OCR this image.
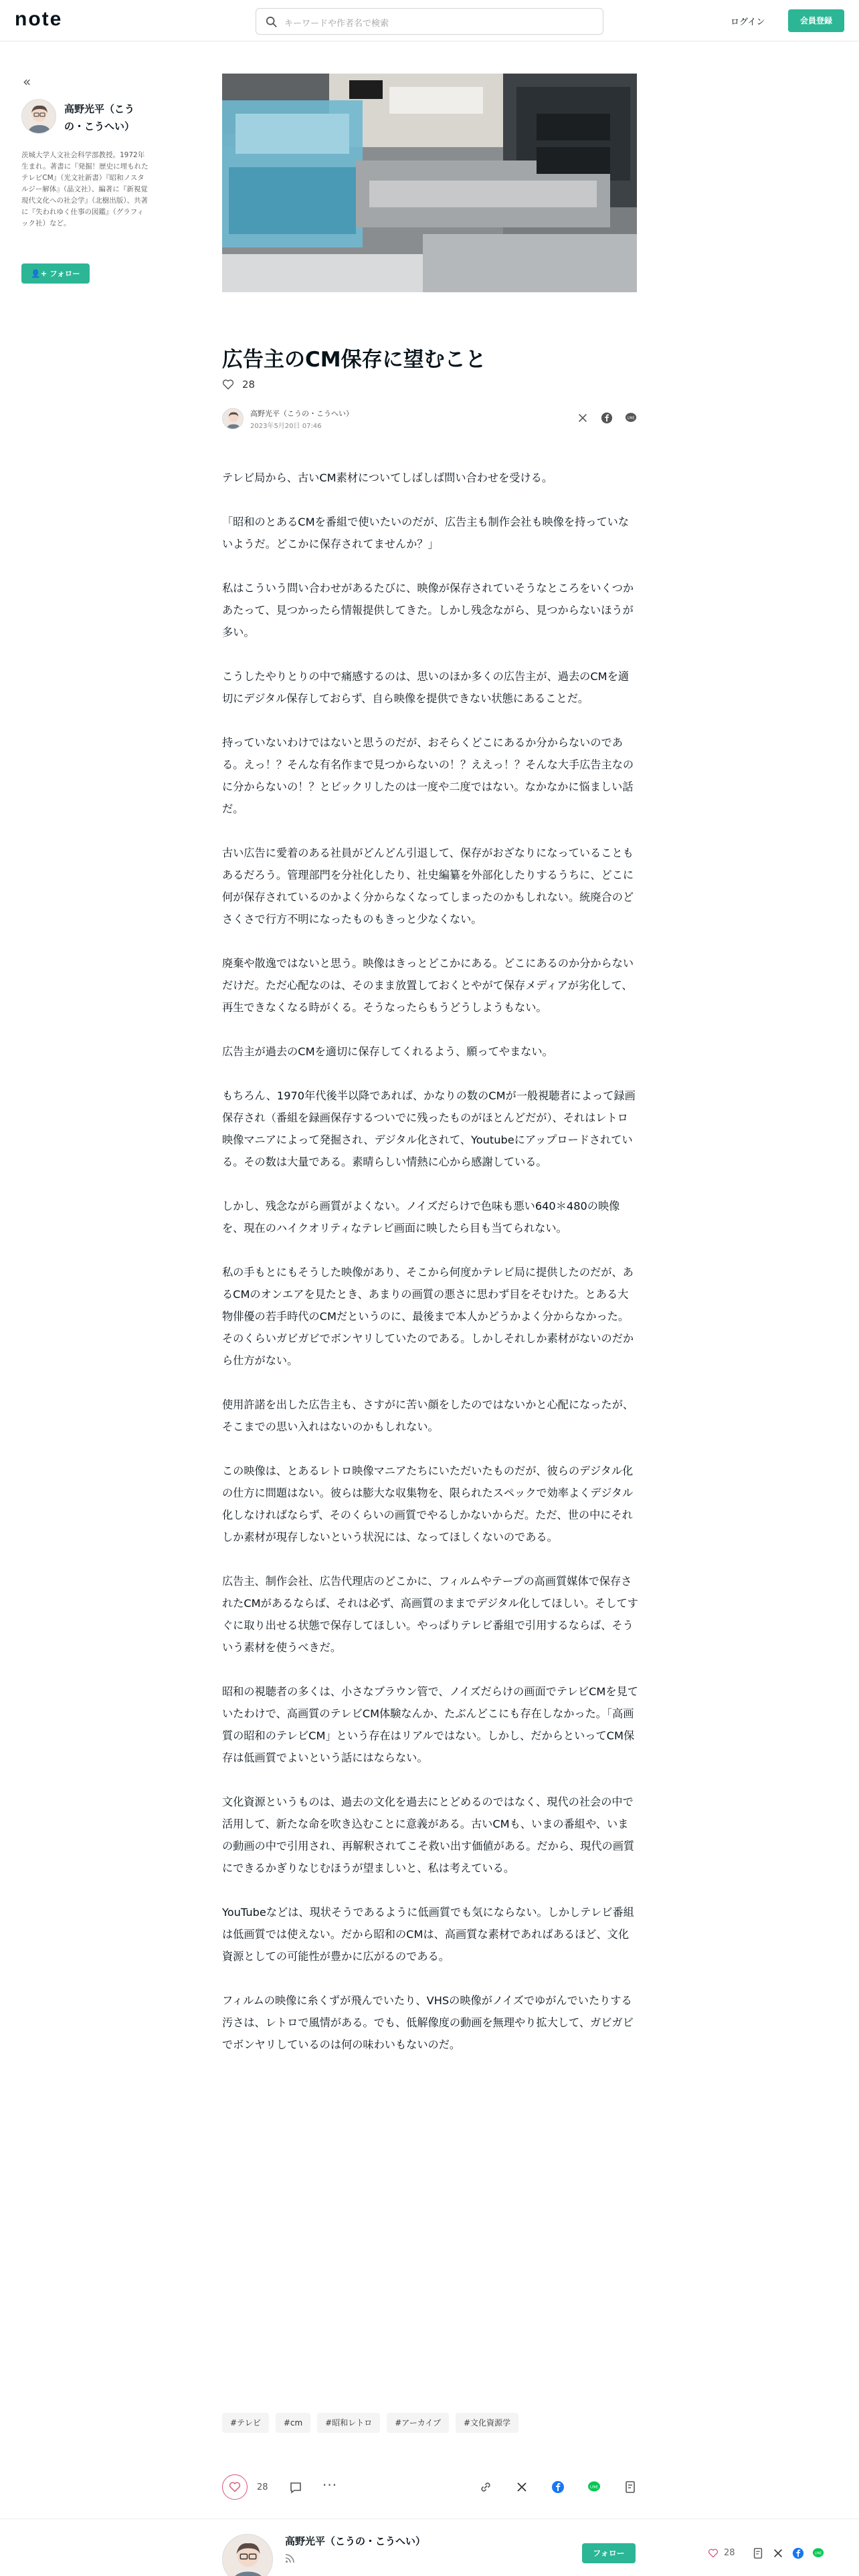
note	キーワードや作者名で検索	ログイン	会員登録
«
高野光平（こうの・こうへい）
茨城大学人文社会科学部教授。1972年生まれ。著書に『発掘！歴史に埋もれたテレビCM』（光文社新書）『昭和ノスタルジー解体』（晶文社）、編著に『新視覚 現代文化への社会学』（北樹出版）、共著に『失われゆく仕事の図鑑』（グラフィック社）など。
👤+ フォロー
広告主のCM保存に望むこと
28
高野光平（こうの・こうへい）
2023年5月20日 07:46
LINE

テレビ局から、古いCM素材についてしばしば問い合わせを受ける。

「昭和のとあるCMを番組で使いたいのだが、広告主も制作会社も映像を持っていないようだ。どこかに保存されてませんか？」

私はこういう問い合わせがあるたびに、映像が保存されていそうなところをいくつかあたって、見つかったら情報提供してきた。しかし残念ながら、見つからないほうが多い。

こうしたやりとりの中で痛感するのは、思いのほか多くの広告主が、過去のCMを適切にデジタル保存しておらず、自ら映像を提供できない状態にあることだ。

持っていないわけではないと思うのだが、おそらくどこにあるか分からないのである。えっ！？そんな有名作まで見つからないの！？ええっ！？そんな大手広告主なのに分からないの！？とビックリしたのは一度や二度ではない。なかなかに悩ましい話だ。

古い広告に愛着のある社員がどんどん引退して、保存がおざなりになっていることもあるだろう。管理部門を分社化したり、社史編纂を外部化したりするうちに、どこに何が保存されているのかよく分からなくなってしまったのかもしれない。統廃合のどさくさで行方不明になったものもきっと少なくない。

廃棄や散逸ではないと思う。映像はきっとどこかにある。どこにあるのか分からないだけだ。ただ心配なのは、そのまま放置しておくとやがて保存メディアが劣化して、再生できなくなる時がくる。そうなったらもうどうしようもない。

広告主が過去のCMを適切に保存してくれるよう、願ってやまない。

もちろん、1970年代後半以降であれば、かなりの数のCMが一般視聴者によって録画保存され（番組を録画保存するついでに残ったものがほとんどだが）、それはレトロ映像マニアによって発掘され、デジタル化されて、Youtubeにアップロードされている。その数は大量である。素晴らしい情熱に心から感謝している。

しかし、残念ながら画質がよくない。ノイズだらけで色味も悪い640＊480の映像を、現在のハイクオリティなテレビ画面に映したら目も当てられない。

私の手もとにもそうした映像があり、そこから何度かテレビ局に提供したのだが、あるCMのオンエアを見たとき、あまりの画質の悪さに思わず目をそむけた。とある大物俳優の若手時代のCMだというのに、最後まで本人かどうかよく分からなかった。そのくらいガビガビでボンヤリしていたのである。しかしそれしか素材がないのだから仕方がない。

使用許諾を出した広告主も、さすがに苦い顔をしたのではないかと心配になったが、そこまでの思い入れはないのかもしれない。

この映像は、とあるレトロ映像マニアたちにいただいたものだが、彼らのデジタル化の仕方に問題はない。彼らは膨大な収集物を、限られたスペックで効率よくデジタル化しなければならず、そのくらいの画質でやるしかないからだ。ただ、世の中にそれしか素材が現存しないという状況には、なってほしくないのである。

広告主、制作会社、広告代理店のどこかに、フィルムやテープの高画質媒体で保存されたCMがあるならば、それは必ず、高画質のままでデジタル化してほしい。そしてすぐに取り出せる状態で保存してほしい。やっぱりテレビ番組で引用するならば、そういう素材を使うべきだ。

昭和の視聴者の多くは、小さなブラウン管で、ノイズだらけの画面でテレビCMを見ていたわけで、高画質のテレビCM体験なんか、たぶんどこにも存在しなかった。「高画質の昭和のテレビCM」という存在はリアルではない。しかし、だからといってCM保存は低画質でよいという話にはならない。

文化資源というものは、過去の文化を過去にとどめるのではなく、現代の社会の中で活用して、新たな命を吹き込むことに意義がある。古いCMも、いまの番組や、いまの動画の中で引用され、再解釈されてこそ救い出す価値がある。だから、現代の画質にできるかぎりなじむほうが望ましいと、私は考えている。

YouTubeなどは、現状そうであるように低画質でも気にならない。しかしテレビ番組は低画質では使えない。だから昭和のCMは、高画質な素材であればあるほど、文化資源としての可能性が豊かに広がるのである。

フィルムの映像に糸くずが飛んでいたり、VHSの映像がノイズでゆがんでいたりする汚さは、レトロで風情がある。でも、低解像度の動画を無理やり拡大して、ガビガビでボンヤリしているのは何の味わいもないのだ。

#テレビ	#cm	#昭和レトロ	#アーカイブ	#文化資源学
28	···	LINE
高野光平（こうの・こうへい）
フォロー	28	LINE
